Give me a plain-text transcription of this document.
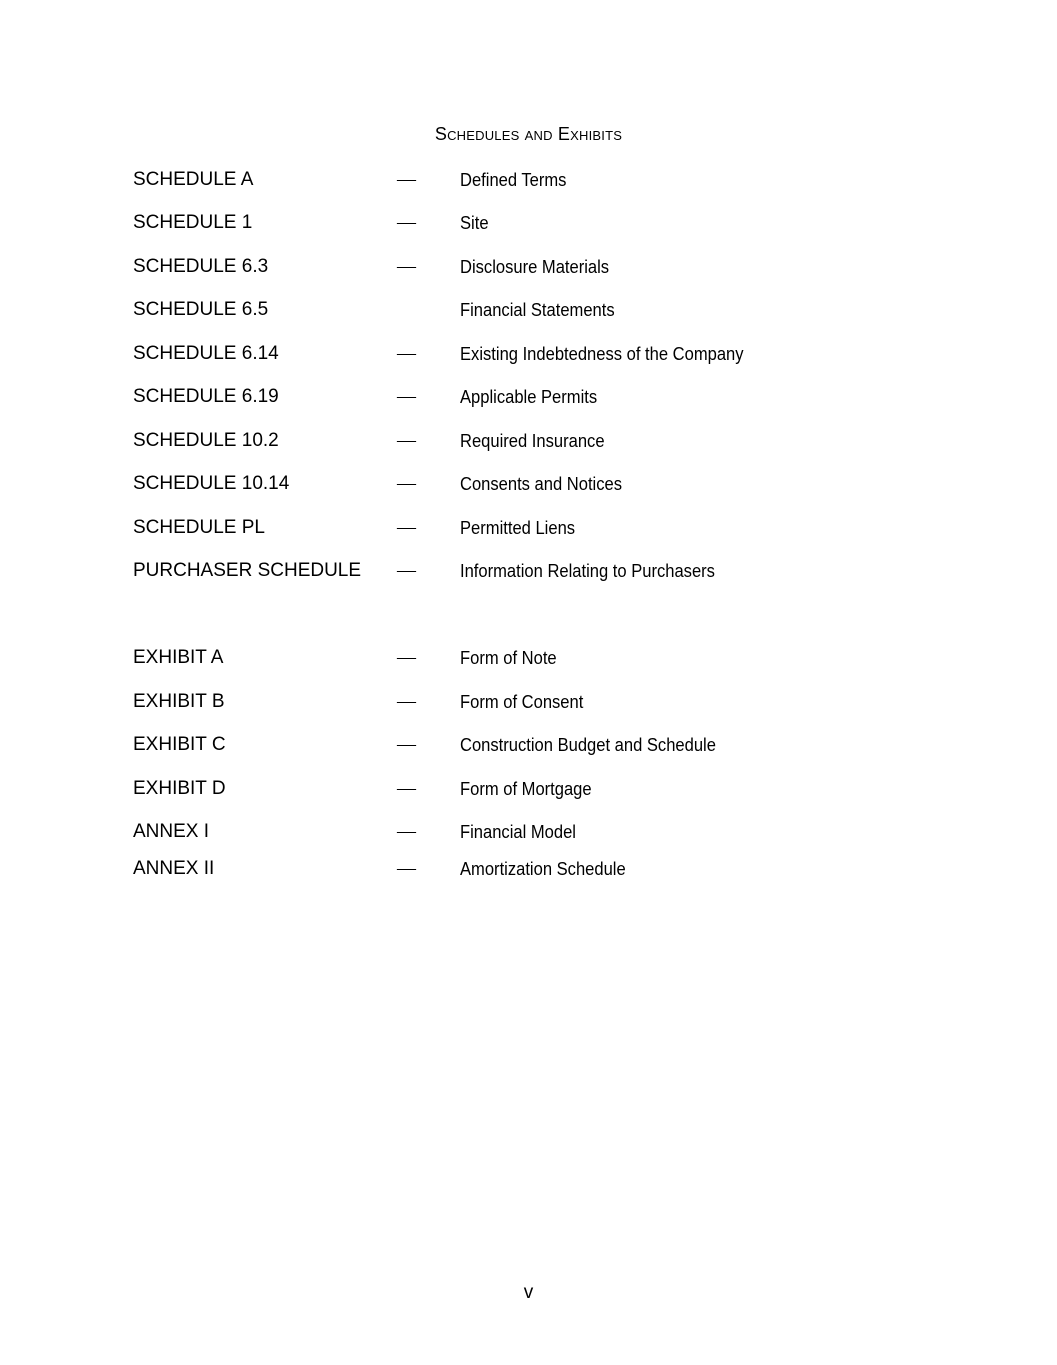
Schedules and Exhibits
SCHEDULE A	— Defined Terms
SCHEDULE 1	— Site
SCHEDULE 6.3	— Disclosure Materials
SCHEDULE 6.5	Financial Statements
SCHEDULE 6.14	— Existing Indebtedness of the Company
SCHEDULE 6.19	— Applicable Permits
SCHEDULE 10.2	— Required Insurance
SCHEDULE 10.14	— Consents and Notices
SCHEDULE PL	— Permitted Liens
PURCHASER SCHEDULE — Information Relating to Purchasers
EXHIBIT A	— Form of Note
EXHIBIT B	— Form of Consent
EXHIBIT C	— Construction Budget and Schedule
EXHIBIT D	— Form of Mortgage
ANNEX I	— Financial Model
ANNEX II	— Amortization Schedule
v
